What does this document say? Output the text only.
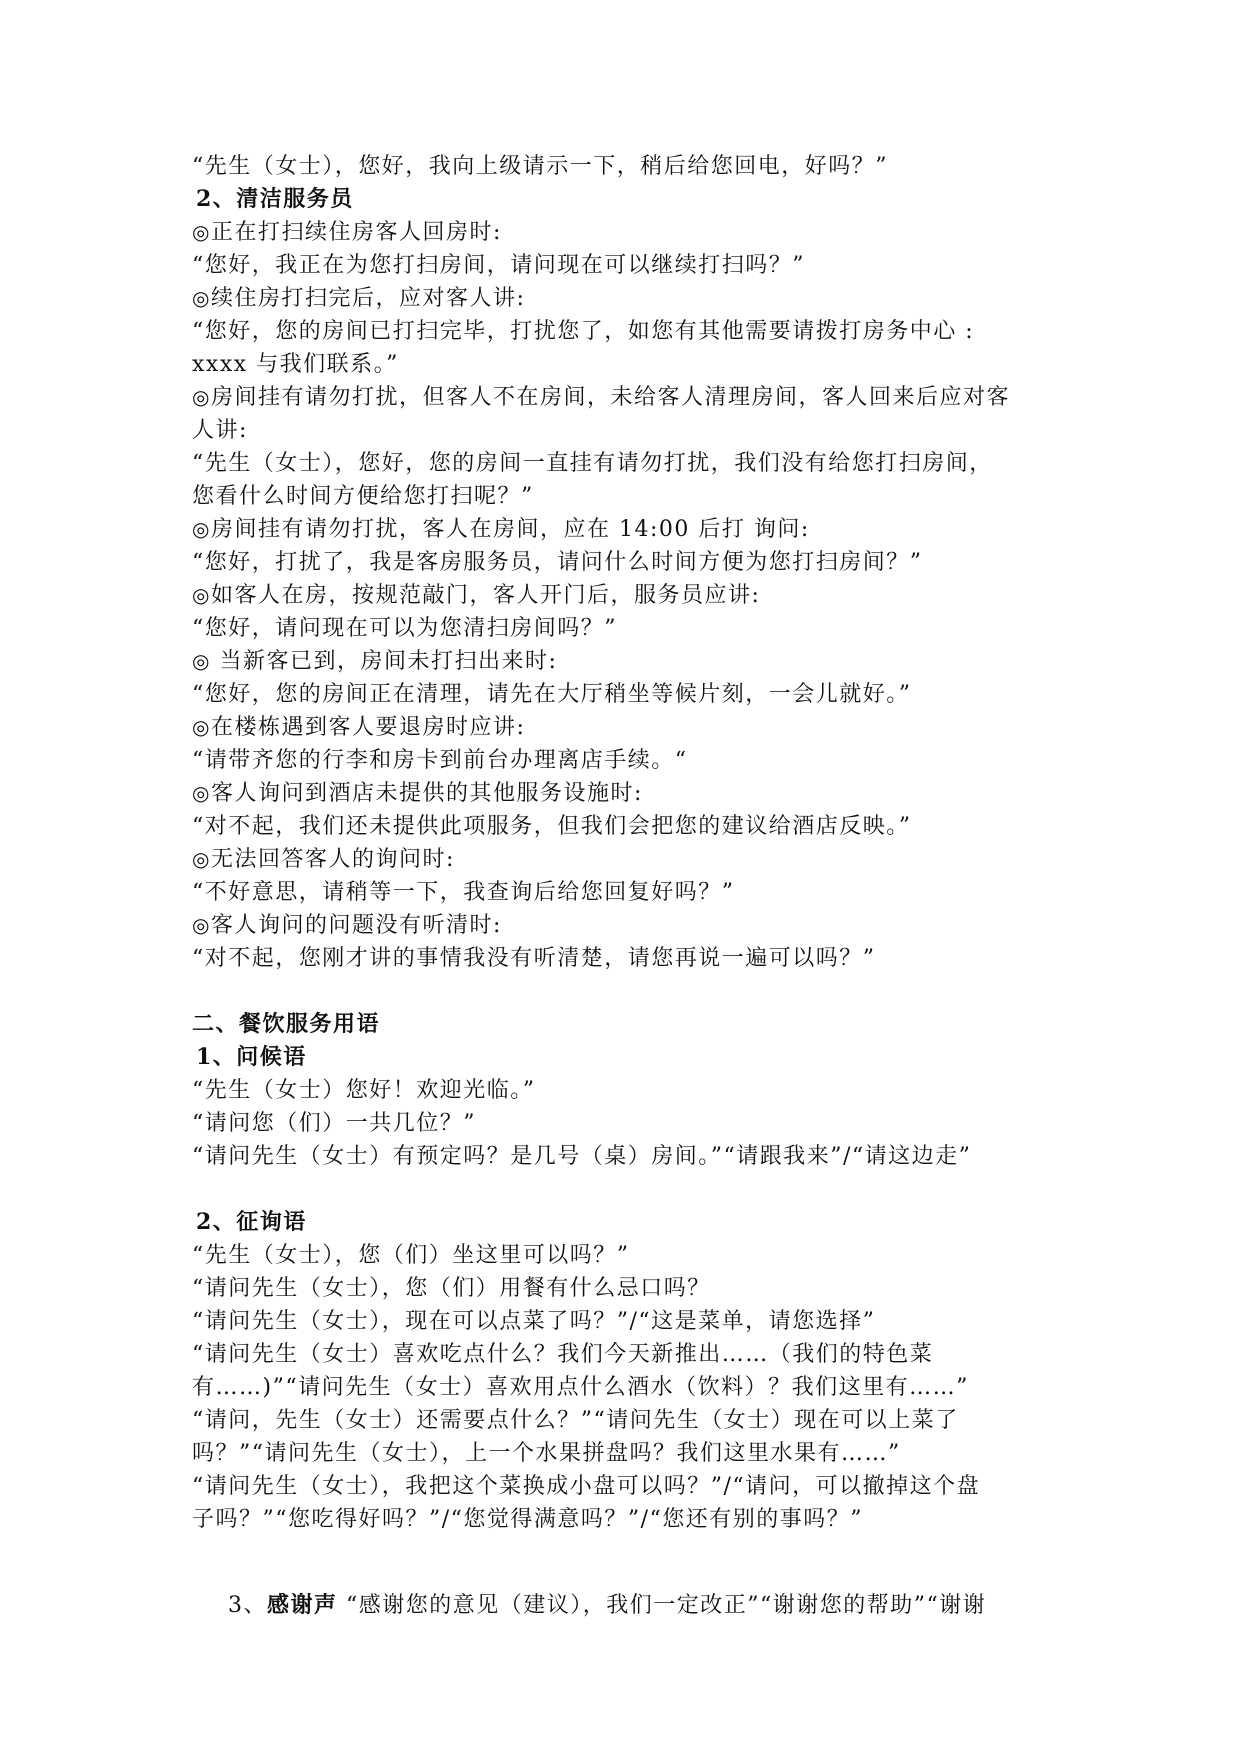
“先生（女士），您好，我向上级请示一下，稍后给您回电，好吗？”
2、清洁服务员
◎正在打扫续住房客人回房时:
“您好，我正在为您打扫房间，请问现在可以继续打扫吗？”
◎续住房打扫完后，应对客人讲:
“您好，您的房间已打扫完毕，打扰您了，如您有其他需要请拨打房务中心 :
xxxx 与我们联系。”
◎房间挂有请勿打扰，但客人不在房间，未给客人清理房间，客人回来后应对客
人讲:
“先生（女士），您好，您的房间一直挂有请勿打扰，我们没有给您打扫房间，
您看什么时间方便给您打扫呢？”
◎房间挂有请勿打扰，客人在房间，应在 14:00 后打 询问:
“您好，打扰了，我是客房服务员，请问什么时间方便为您打扫房间？”
◎如客人在房，按规范敲门，客人开门后，服务员应讲:
“您好，请问现在可以为您清扫房间吗？”
◎ 当新客已到，房间未打扫出来时:
“您好，您的房间正在清理，请先在大厅稍坐等候片刻，一会儿就好。”
◎在楼栋遇到客人要退房时应讲:
“请带齐您的行李和房卡到前台办理离店手续。“
◎客人询问到酒店未提供的其他服务设施时:
“对不起，我们还未提供此项服务，但我们会把您的建议给酒店反映。”
◎无法回答客人的询问时:
“不好意思，请稍等一下，我查询后给您回复好吗？”
◎客人询问的问题没有听清时:
“对不起，您刚才讲的事情我没有听清楚，请您再说一遍可以吗？”
二、餐饮服务用语
1、问候语
“先生（女士）您好！欢迎光临。”
“请问您（们）一共几位？”
“请问先生（女士）有预定吗？是几号（桌）房间。”“请跟我来”/“请这边走”
2、征询语
“先生（女士），您（们）坐这里可以吗？”
“请问先生（女士），您（们）用餐有什么忌口吗？
“请问先生（女士），现在可以点菜了吗？”/“这是菜单，请您选择”
“请问先生（女士）喜欢吃点什么？我们今天新推出……（我们的特色菜
有……)”“请问先生（女士）喜欢用点什么酒水（饮料）？我们这里有……”
“请问，先生（女士）还需要点什么？”“请问先生（女士）现在可以上菜了
吗？”“请问先生（女士），上一个水果拼盘吗？我们这里水果有……”
“请问先生（女士），我把这个菜换成小盘可以吗？”/“请问，可以撤掉这个盘
子吗？”“您吃得好吗？”/“您觉得满意吗？”/“您还有别的事吗？”
3、感谢声 “感谢您的意见（建议），我们一定改正”“谢谢您的帮助”“谢谢
